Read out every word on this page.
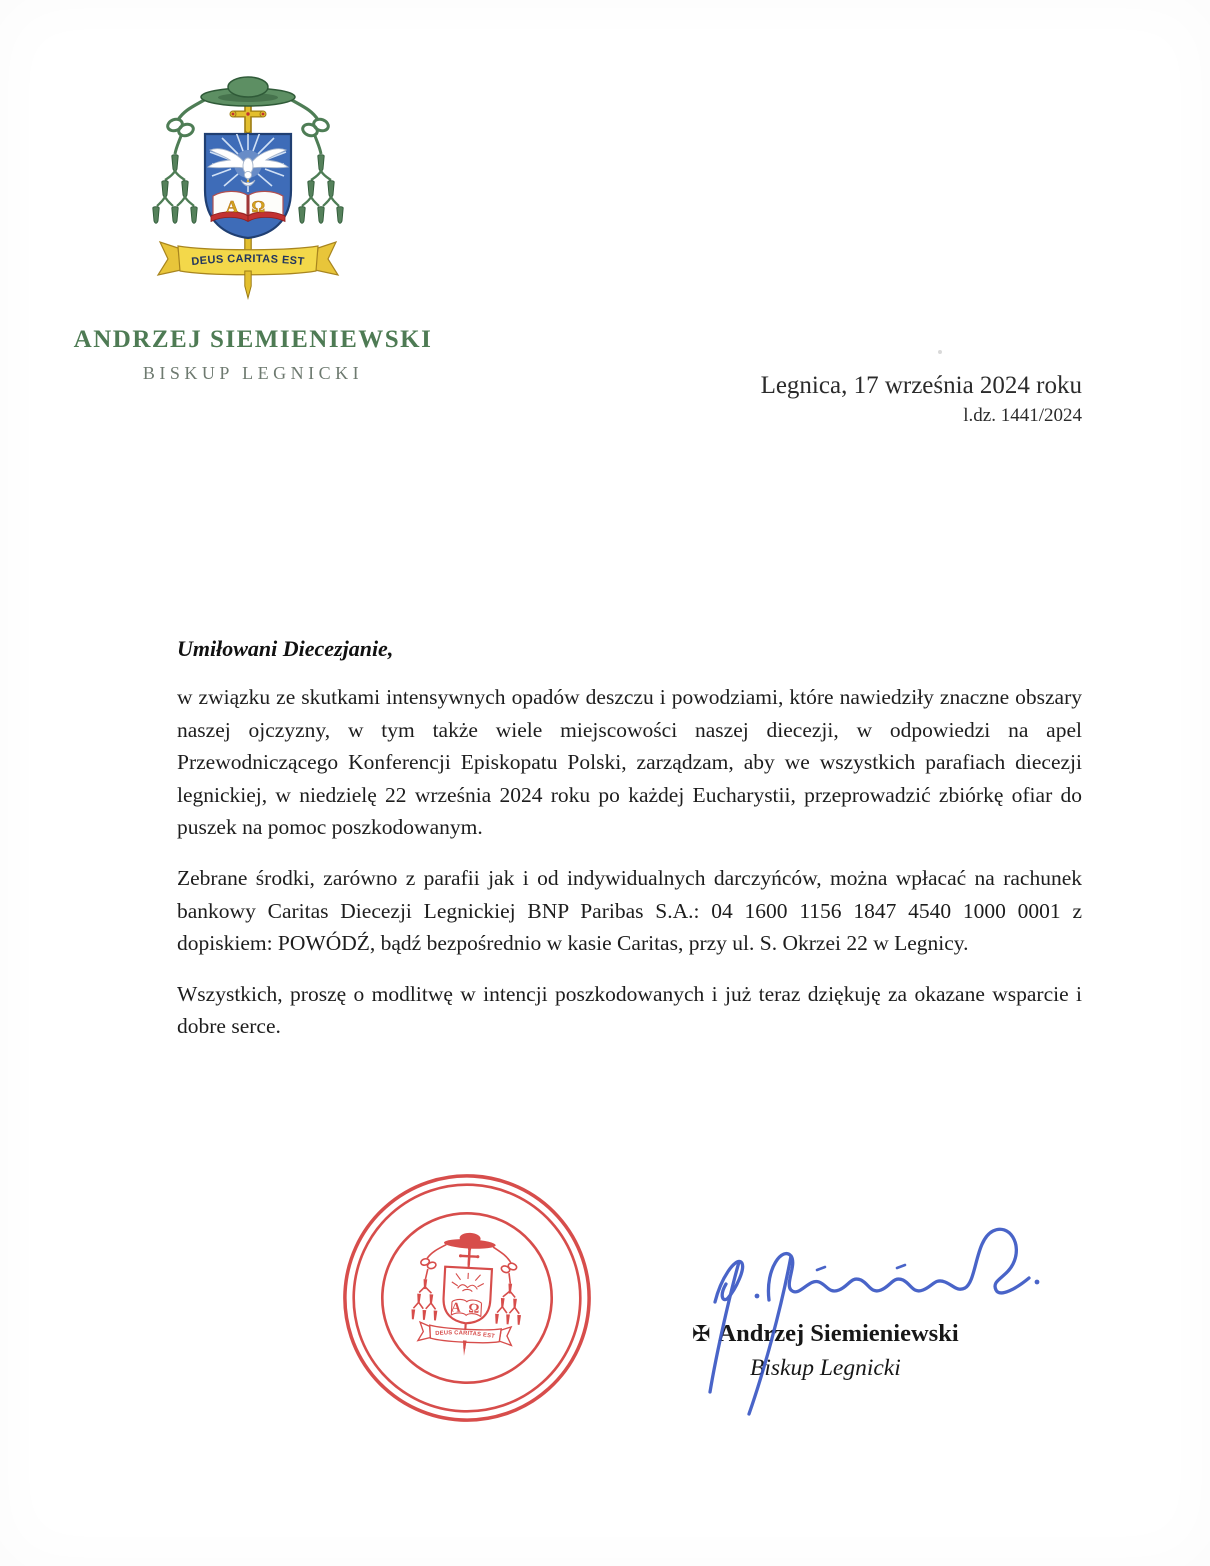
Α Ω
DEUS CARITAS EST
ANDRZEJ SIEMIENIEWSKI
BISKUP LEGNICKI	Legnica, 17 września 2024 roku
l.dz. 1441/2024
Umiłowani Diecezjanie,

w związku ze skutkami intensywnych opadów deszczu i powodziami, które nawiedziły znaczne obszary naszej ojczyzny, w tym także wiele miejscowości naszej diecezji, w odpowiedzi na apel Przewodniczącego Konferencji Episkopatu Polski, zarządzam, aby we wszystkich parafiach diecezji legnickiej, w niedzielę 22 września 2024 roku po każdej Eucharystii, przeprowadzić zbiórkę ofiar do puszek na pomoc poszkodowanym.

Zebrane środki, zarówno z parafii jak i od indywidualnych darczyńców, można wpłacać na rachunek bankowy Caritas Diecezji Legnickiej BNP Paribas S.A.: 04 1600 1156 1847 4540 1000 0001 z dopiskiem: POWÓDŹ, bądź bezpośrednio w kasie Caritas, przy ul. S. Okrzei 22 w Legnicy.

Wszystkich, proszę o modlitwę w intencji poszkodowanych i już teraz dziękuję za okazane wsparcie i dobre serce.

Α Ω
DEUS CARITAS EST	✠ Andrzej Siemieniewski
Biskup Legnicki
